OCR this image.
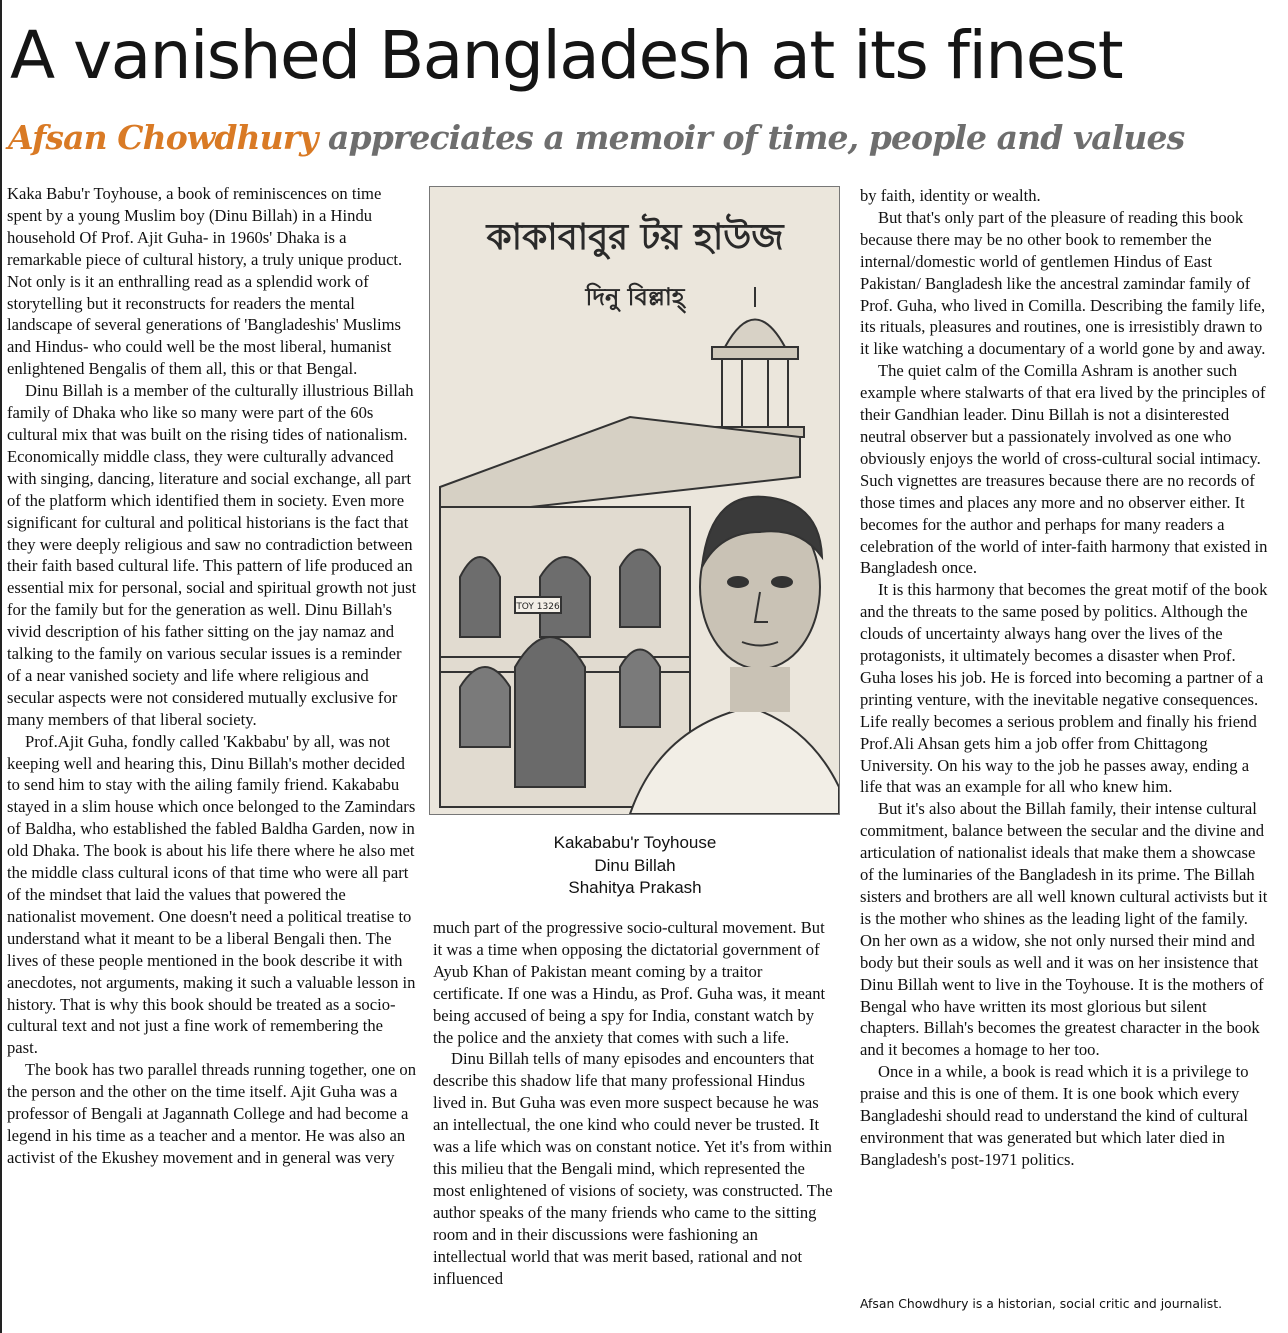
A vanished Bangladesh at its finest
Afsan Chowdhury appreciates a memoir of time, people and values

Kaka Babu'r Toyhouse, a book of reminiscences on time spent by a young Muslim boy (Dinu Billah) in a Hindu household Of Prof. Ajit Guha- in 1960s' Dhaka is a remarkable piece of cultural history, a truly unique product. Not only is it an enthralling read as a splendid work of storytelling but it reconstructs for readers the mental landscape of several generations of 'Bangladeshis' Muslims and Hindus- who could well be the most liberal, humanist enlightened Bengalis of them all, this or that Bengal.

Dinu Billah is a member of the culturally illustrious Billah family of Dhaka who like so many were part of the 60s cultural mix that was built on the rising tides of nationalism. Economically middle class, they were culturally advanced with singing, dancing, literature and social exchange, all part of the platform which identified them in society. Even more significant for cultural and political historians is the fact that they were deeply religious and saw no contradiction between their faith based cultural life. This pattern of life produced an essential mix for personal, social and spiritual growth not just for the family but for the generation as well. Dinu Billah's vivid description of his father sitting on the jay namaz and talking to the family on various secular issues is a reminder of a near vanished society and life where religious and secular aspects were not considered mutually exclusive for many members of that liberal society.

Prof.Ajit Guha, fondly called 'Kakbabu' by all, was not keeping well and hearing this, Dinu Billah's mother decided to send him to stay with the ailing family friend. Kakababu stayed in a slim house which once belonged to the Zamindars of Baldha, who established the fabled Baldha Garden, now in old Dhaka. The book is about his life there where he also met the middle class cultural icons of that time who were all part of the mindset that laid the values that powered the nationalist movement. One doesn't need a political treatise to understand what it meant to be a liberal Bengali then. The lives of these people mentioned in the book describe it with anecdotes, not arguments, making it such a valuable lesson in history. That is why this book should be treated as a socio-cultural text and not just a fine work of remembering the past.

The book has two parallel threads running together, one on the person and the other on the time itself. Ajit Guha was a professor of Bengali at Jagannath College and had become a legend in his time as a teacher and a mentor. He was also an activist of the Ekushey movement and in general was very

কাকাবাবুর টয় হাউজ
দিনু বিল্লাহ্
TOY 1326
Kakababu'r Toyhouse
Dinu Billah
Shahitya Prakash

much part of the progressive socio-cultural movement. But it was a time when opposing the dictatorial government of Ayub Khan of Pakistan meant coming by a traitor certificate. If one was a Hindu, as Prof. Guha was, it meant being accused of being a spy for India, constant watch by the police and the anxiety that comes with such a life.

Dinu Billah tells of many episodes and encounters that describe this shadow life that many professional Hindus lived in. But Guha was even more suspect because he was an intellectual, the one kind who could never be trusted. It was a life which was on constant notice. Yet it's from within this milieu that the Bengali mind, which represented the most enlightened of visions of society, was constructed. The author speaks of the many friends who came to the sitting room and in their discussions were fashioning an intellectual world that was merit based, rational and not influenced

by faith, identity or wealth.

But that's only part of the pleasure of reading this book because there may be no other book to remember the internal/domestic world of gentlemen Hindus of East Pakistan/ Bangladesh like the ancestral zamindar family of Prof. Guha, who lived in Comilla. Describing the family life, its rituals, pleasures and routines, one is irresistibly drawn to it like watching a documentary of a world gone by and away.

The quiet calm of the Comilla Ashram is another such example where stalwarts of that era lived by the principles of their Gandhian leader. Dinu Billah is not a disinterested neutral observer but a passionately involved as one who obviously enjoys the world of cross-cultural social intimacy. Such vignettes are treasures because there are no records of those times and places any more and no observer either. It becomes for the author and perhaps for many readers a celebration of the world of inter-faith harmony that existed in Bangladesh once.

It is this harmony that becomes the great motif of the book and the threats to the same posed by politics. Although the clouds of uncertainty always hang over the lives of the protagonists, it ultimately becomes a disaster when Prof. Guha loses his job. He is forced into becoming a partner of a printing venture, with the inevitable negative consequences. Life really becomes a serious problem and finally his friend Prof.Ali Ahsan gets him a job offer from Chittagong University. On his way to the job he passes away, ending a life that was an example for all who knew him.

But it's also about the Billah family, their intense cultural commitment, balance between the secular and the divine and articulation of nationalist ideals that make them a showcase of the luminaries of the Bangladesh in its prime. The Billah sisters and brothers are all well known cultural activists but it is the mother who shines as the leading light of the family. On her own as a widow, she not only nursed their mind and body but their souls as well and it was on her insistence that Dinu Billah went to live in the Toyhouse. It is the mothers of Bengal who have written its most glorious but silent chapters. Billah's becomes the greatest character in the book and it becomes a homage to her too.

Once in a while, a book is read which it is a privilege to praise and this is one of them. It is one book which every Bangladeshi should read to understand the kind of cultural environment that was generated but which later died in Bangladesh's post-1971 politics.

Afsan Chowdhury is a historian, social critic and journalist.
